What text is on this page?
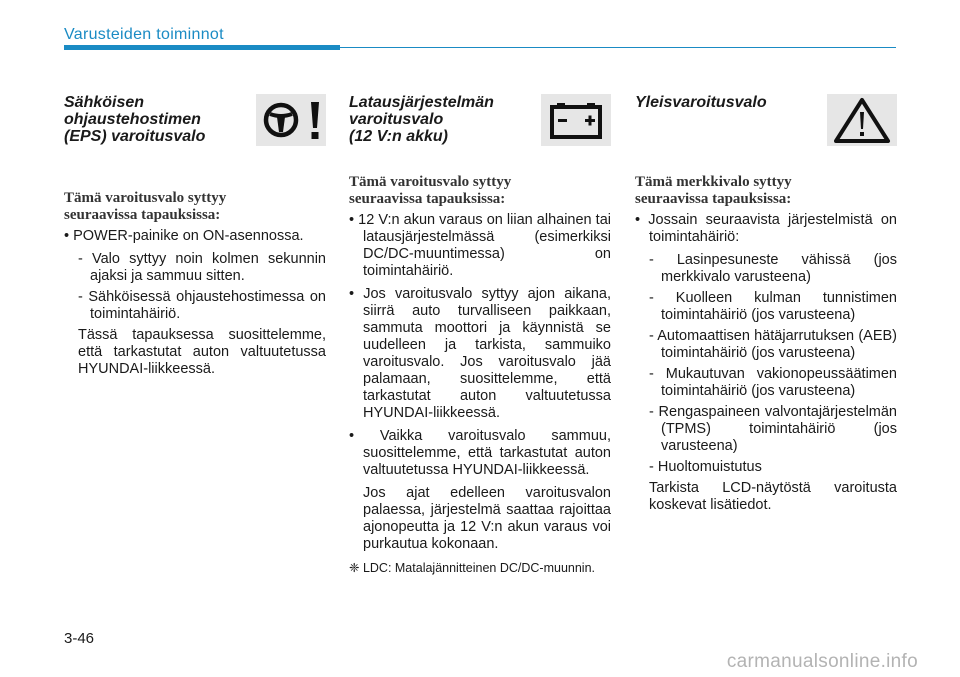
Varusteiden toiminnot
Sähköisen
ohjaustehostimen
(EPS) varoitusvalo

Tämä varoitusvalo syttyy
seuraavissa tapauksissa:

• POWER-painike on ON-asennossa.

- Valo syttyy noin kolmen sekunnin ajaksi ja sammuu sitten.

- Sähköisessä ohjaustehostimessa on toimintahäiriö.

Tässä tapauksessa suosittelemme, että tarkastutat auton valtuutetussa HYUNDAI-liikkeessä.

Latausjärjestelmän
varoitusvalo
(12 V:n akku)

Tämä varoitusvalo syttyy
seuraavissa tapauksissa:

• 12 V:n akun varaus on liian alhainen tai latausjärjestelmässä (esimerkiksi DC/DC-muuntimessa) on toimintahäiriö.

• Jos varoitusvalo syttyy ajon aikana, siirrä auto turvalliseen paikkaan, sammuta moottori ja käynnistä se uudelleen ja tarkista, sammuiko varoitusvalo. Jos varoitusvalo jää palamaan, suosittelemme, että tarkastutat auton valtuutetussa HYUNDAI-liikkeessä.

• Vaikka varoitusvalo sammuu, suosittelemme, että tarkastutat auton valtuutetussa HYUNDAI-liikkeessä.

Jos ajat edelleen varoitusvalon palaessa, järjestelmä saattaa rajoittaa ajonopeutta ja 12 V:n akun varaus voi purkautua kokonaan.

❈ LDC: Matalajännitteinen DC/DC-muunnin.

Yleisvaroitusvalo

Tämä merkkivalo syttyy
seuraavissa tapauksissa:

• Jossain seuraavista järjestelmistä on toimintahäiriö:

- Lasinpesuneste vähissä (jos merkkivalo varusteena)

- Kuolleen kulman tunnistimen toimintahäiriö (jos varusteena)

- Automaattisen hätäjarrutuksen (AEB) toimintahäiriö (jos varusteena)

- Mukautuvan vakionopeussäätimen toimintahäiriö (jos varusteena)

- Rengaspaineen valvontajärjestelmän (TPMS) toimintahäiriö (jos varusteena)

- Huoltomuistutus

Tarkista LCD-näytöstä varoitusta koskevat lisätiedot.

3-46
carmanualsonline.info
